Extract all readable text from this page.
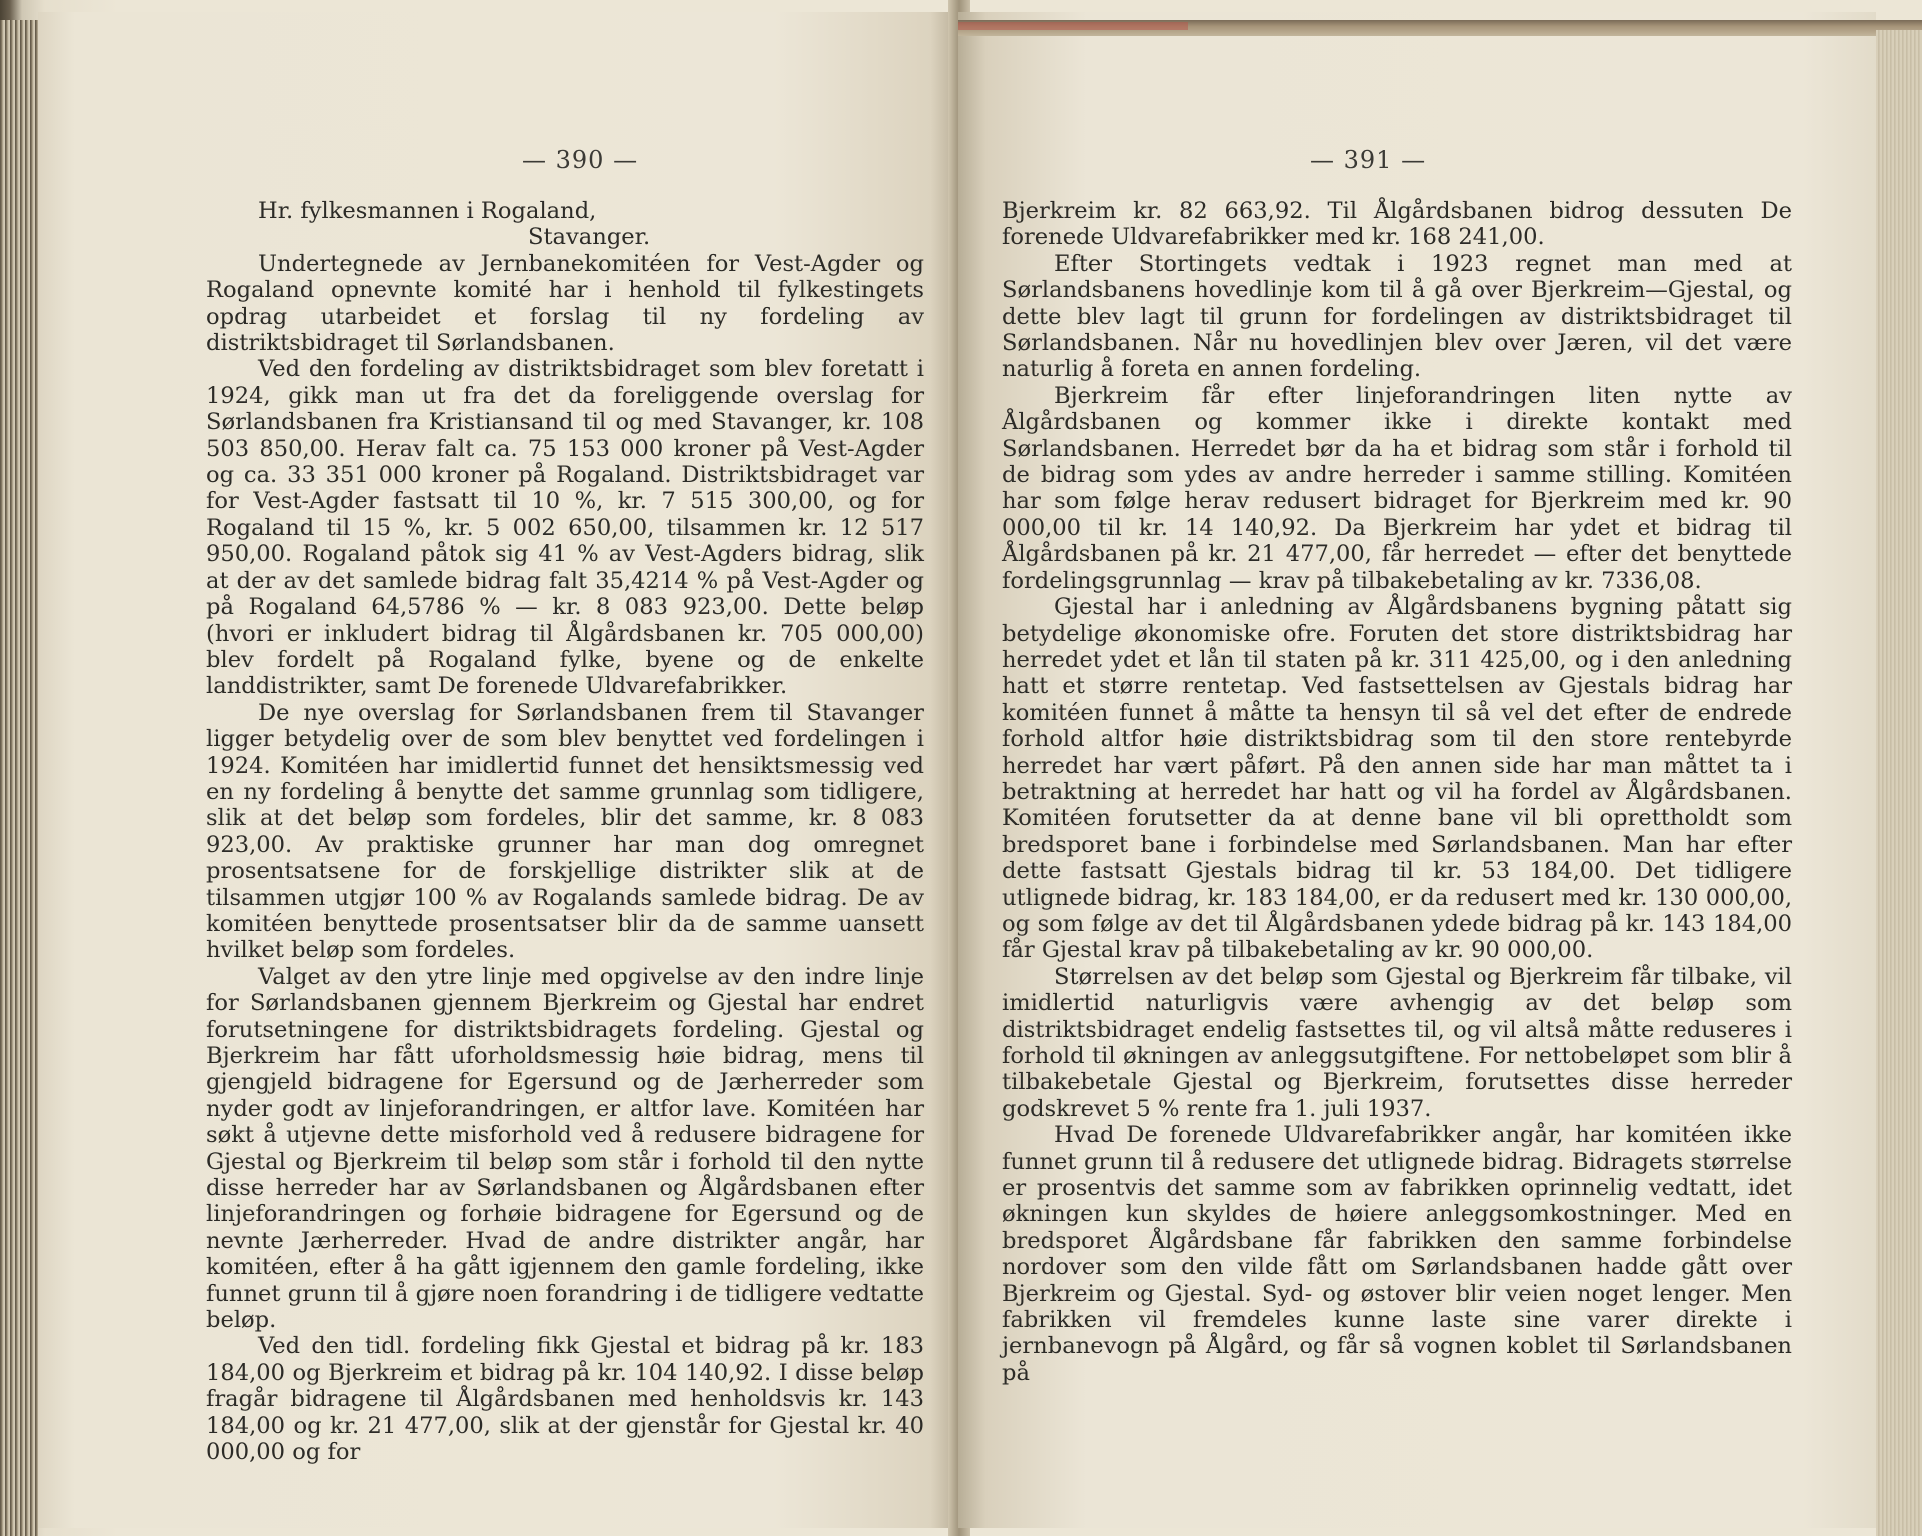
— 390 —

Hr. fylkesmannen i Rogaland,

Stavanger.

Undertegnede av Jernbanekomitéen for Vest-Agder og Rogaland opnevnte komité har i henhold til fylkestingets opdrag utarbeidet et forslag til ny fordeling av distriktsbidraget til Sørlandsbanen.

Ved den fordeling av distriktsbidraget som blev foretatt i 1924, gikk man ut fra det da foreliggende overslag for Sørlandsbanen fra Kristiansand til og med Stavanger, kr. 108 503 850,00. Herav falt ca. 75 153 000 kroner på Vest-Agder og ca. 33 351 000 kroner på Rogaland. Distriktsbidraget var for Vest-Agder fastsatt til 10 %, kr. 7 515 300,00, og for Rogaland til 15 %, kr. 5 002 650,00, tilsammen kr. 12 517 950,00. Rogaland påtok sig 41 % av Vest-Agders bidrag, slik at der av det samlede bidrag falt 35,4214 % på Vest-Agder og på Rogaland 64,5786 % — kr. 8 083 923,00. Dette beløp (hvori er inkludert bidrag til Ålgårdsbanen kr. 705 000,00) blev fordelt på Rogaland fylke, byene og de enkelte landdistrikter, samt De forenede Uldvarefabrikker.

De nye overslag for Sørlandsbanen frem til Stavanger ligger betydelig over de som blev benyttet ved fordelingen i 1924. Komitéen har imidlertid funnet det hensiktsmessig ved en ny fordeling å benytte det samme grunnlag som tidligere, slik at det beløp som fordeles, blir det samme, kr. 8 083 923,00. Av praktiske grunner har man dog omregnet prosentsatsene for de forskjellige distrikter slik at de tilsammen utgjør 100 % av Rogalands samlede bidrag. De av komitéen benyttede prosentsatser blir da de samme uansett hvilket beløp som fordeles.

Valget av den ytre linje med opgivelse av den indre linje for Sørlandsbanen gjennem Bjerkreim og Gjestal har endret forutsetningene for distriktsbidragets fordeling. Gjestal og Bjerkreim har fått uforholdsmessig høie bidrag, mens til gjengjeld bidragene for Egersund og de Jærherreder som nyder godt av linjeforandringen, er altfor lave. Komitéen har søkt å utjevne dette misforhold ved å redusere bidragene for Gjestal og Bjerkreim til beløp som står i forhold til den nytte disse herreder har av Sørlandsbanen og Ålgårdsbanen efter linjeforandringen og forhøie bidragene for Egersund og de nevnte Jærherreder. Hvad de andre distrikter angår, har komitéen, efter å ha gått igjennem den gamle fordeling, ikke funnet grunn til å gjøre noen forandring i de tidligere vedtatte beløp.

Ved den tidl. fordeling fikk Gjestal et bidrag på kr. 183 184,00 og Bjerkreim et bidrag på kr. 104 140,92. I disse beløp fragår bidragene til Ålgårdsbanen med henholdsvis kr. 143 184,00 og kr. 21 477,00, slik at der gjenstår for Gjestal kr. 40 000,00 og for

— 391 —

Bjerkreim kr. 82 663,92. Til Ålgårdsbanen bidrog dessuten De forenede Uldvarefabrikker med kr. 168 241,00.

Efter Stortingets vedtak i 1923 regnet man med at Sørlandsbanens hovedlinje kom til å gå over Bjerkreim—Gjestal, og dette blev lagt til grunn for fordelingen av distriktsbidraget til Sørlandsbanen. Når nu hovedlinjen blev over Jæren, vil det være naturlig å foreta en annen fordeling.

Bjerkreim får efter linjeforandringen liten nytte av Ålgårdsbanen og kommer ikke i direkte kontakt med Sørlandsbanen. Herredet bør da ha et bidrag som står i forhold til de bidrag som ydes av andre herreder i samme stilling. Komitéen har som følge herav redusert bidraget for Bjerkreim med kr. 90 000,00 til kr. 14 140,92. Da Bjerkreim har ydet et bidrag til Ålgårdsbanen på kr. 21 477,00, får herredet — efter det benyttede fordelingsgrunnlag — krav på tilbakebetaling av kr. 7336,08.

Gjestal har i anledning av Ålgårdsbanens bygning påtatt sig betydelige økonomiske ofre. Foruten det store distriktsbidrag har herredet ydet et lån til staten på kr. 311 425,00, og i den anledning hatt et større rentetap. Ved fastsettelsen av Gjestals bidrag har komitéen funnet å måtte ta hensyn til så vel det efter de endrede forhold altfor høie distriktsbidrag som til den store rentebyrde herredet har vært påført. På den annen side har man måttet ta i betraktning at herredet har hatt og vil ha fordel av Ålgårdsbanen. Komitéen forutsetter da at denne bane vil bli oprettholdt som bredsporet bane i forbindelse med Sørlandsbanen. Man har efter dette fastsatt Gjestals bidrag til kr. 53 184,00. Det tidligere utlignede bidrag, kr. 183 184,00, er da redusert med kr. 130 000,00, og som følge av det til Ålgårdsbanen ydede bidrag på kr. 143 184,00 får Gjestal krav på tilbakebetaling av kr. 90 000,00.

Størrelsen av det beløp som Gjestal og Bjerkreim får tilbake, vil imidlertid naturligvis være avhengig av det beløp som distriktsbidraget endelig fastsettes til, og vil altså måtte reduseres i forhold til økningen av anleggsutgiftene. For nettobeløpet som blir å tilbakebetale Gjestal og Bjerkreim, forutsettes disse herreder godskrevet 5 % rente fra 1. juli 1937.

Hvad De forenede Uldvarefabrikker angår, har komitéen ikke funnet grunn til å redusere det utlignede bidrag. Bidragets størrelse er prosentvis det samme som av fabrikken oprinnelig vedtatt, idet økningen kun skyldes de høiere anleggsomkostninger. Med en bredsporet Ålgårdsbane får fabrikken den samme forbindelse nordover som den vilde fått om Sørlandsbanen hadde gått over Bjerkreim og Gjestal. Syd- og østover blir veien noget lenger. Men fabrikken vil fremdeles kunne laste sine varer direkte i jernbanevogn på Ålgård, og får så vognen koblet til Sørlandsbanen på
